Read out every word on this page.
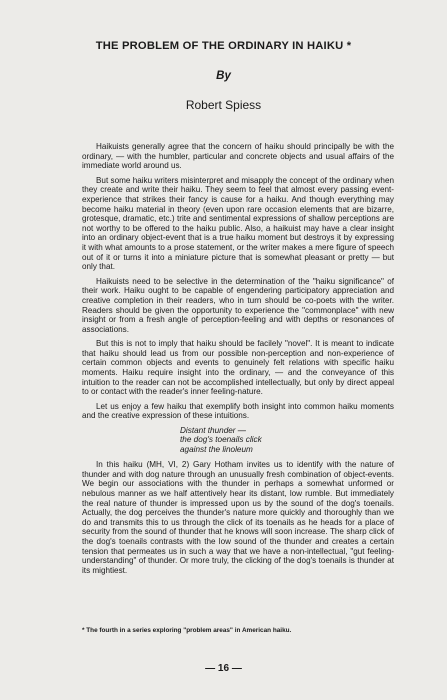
THE PROBLEM OF THE ORDINARY IN HAIKU *
By
Robert Spiess

Haikuists generally agree that the concern of haiku should principally be with the ordinary, — with the humbler, particular and concrete objects and usual affairs of the immediate world around us.

But some haiku writers misinterpret and misapply the concept of the ordinary when they create and write their haiku. They seem to feel that almost every passing event-experience that strikes their fancy is cause for a haiku. And though everything may become haiku material in theory (even upon rare occasion elements that are bizarre, grotesque, dramatic, etc.) trite and sentimental expressions of shallow perceptions are not worthy to be offered to the haiku public. Also, a haikuist may have a clear insight into an ordinary object-event that is a true haiku moment but destroys it by expressing it with what amounts to a prose statement, or the writer makes a mere figure of speech out of it or turns it into a miniature picture that is somewhat pleasant or pretty — but only that.

Haikuists need to be selective in the determination of the "haiku significance" of their work. Haiku ought to be capable of engendering participatory appreciation and creative completion in their readers, who in turn should be co-poets with the writer. Readers should be given the opportunity to experience the "commonplace" with new insight or from a fresh angle of perception-feeling and with depths or resonances of associations.

But this is not to imply that haiku should be facilely "novel". It is meant to indicate that haiku should lead us from our possible non-perception and non-experience of certain common objects and events to genuinely felt relations with specific haiku moments. Haiku require insight into the ordinary, — and the conveyance of this intuition to the reader can not be accomplished intellectually, but only by direct appeal to or contact with the reader's inner feeling-nature.

Let us enjoy a few haiku that exemplify both insight into common haiku moments and the creative expression of these intuitions.

Distant thunder —
the dog's toenails click
against the linoleum

In this haiku (MH, VI, 2) Gary Hotham invites us to identify with the nature of thunder and with dog nature through an unusually fresh combination of object-events. We begin our associations with the thunder in perhaps a somewhat unformed or nebulous manner as we half attentively hear its distant, low rumble. But immediately the real nature of thunder is impressed upon us by the sound of the dog's toenails. Actually, the dog perceives the thunder's nature more quickly and thoroughly than we do and transmits this to us through the click of its toenails as he heads for a place of security from the sound of thunder that he knows will soon increase. The sharp click of the dog's toenails contrasts with the low sound of the thunder and creates a certain tension that permeates us in such a way that we have a non-intellectual, "gut feeling-understanding" of thunder. Or more truly, the clicking of the dog's toenails is thunder at its mightiest.

* The fourth in a series exploring "problem areas" in American haiku.
— 16 —
